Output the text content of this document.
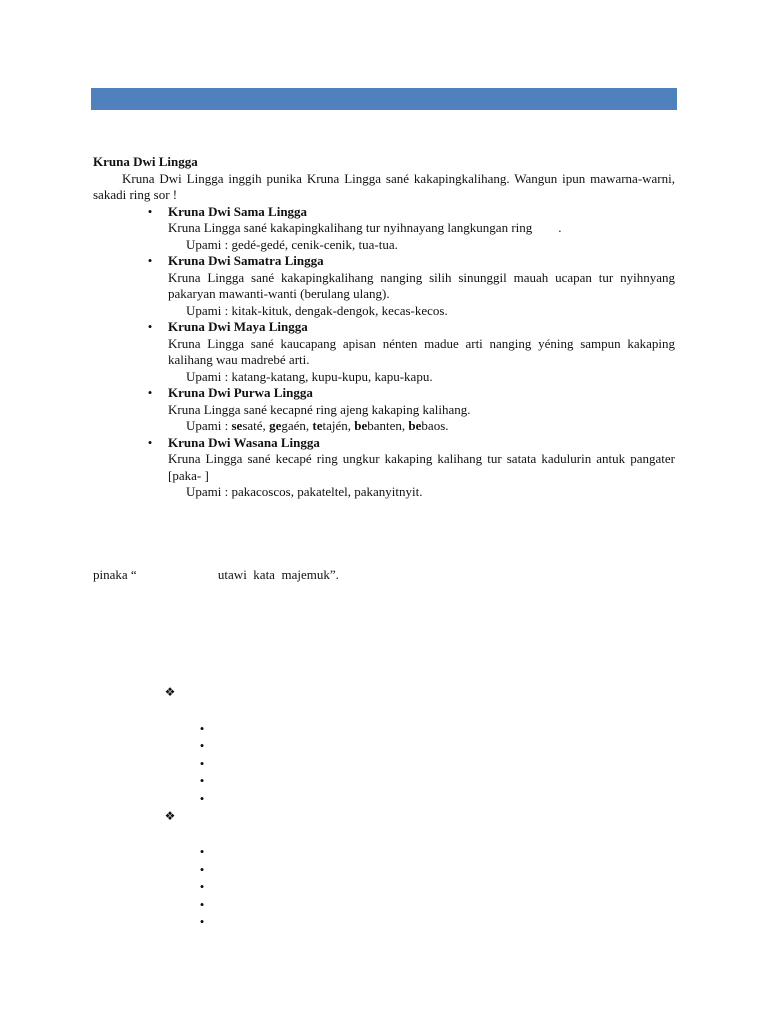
Kruna Dwi Lingga
Kruna Dwi Lingga inggih punika Kruna Lingga sané kakapingkalihang. Wangun ipun mawarna-warni, sakadi ring sor !
•	Kruna Dwi Sama Lingga
Kruna Lingga sané kakapingkalihang tur nyihnayang langkungan ring        .
Upami : gedé-gedé, cenik-cenik, tua-tua.
•	Kruna Dwi Samatra Lingga
Kruna Lingga sané kakapingkalihang nanging silih sinunggil mauah ucapan tur nyihnyang pakaryan mawanti-wanti (berulang ulang).
Upami : kitak-kituk, dengak-dengok, kecas-kecos.
•	Kruna Dwi Maya Lingga
Kruna Lingga sané kaucapang apisan nénten madue arti nanging yéning sampun kakaping kalihang wau madrebé arti.
Upami : katang-katang, kupu-kupu, kapu-kapu.
•	Kruna Dwi Purwa Lingga
Kruna Lingga sané kecapné ring ajeng kakaping kalihang.
Upami : sesaté, gegaén, tetajén, bebanten, bebaos.
•	Kruna Dwi Wasana Lingga
Kruna Lingga sané kecapé ring ungkur kakaping kalihang tur satata kadulurin antuk pangater [paka- ]
Upami : pakacoscos, pakateltel, pakanyitnyit.
pinaka “                         utawi  kata  majemuk”.
❖
•
•
•
•
•
❖
•
•
•
•
•
